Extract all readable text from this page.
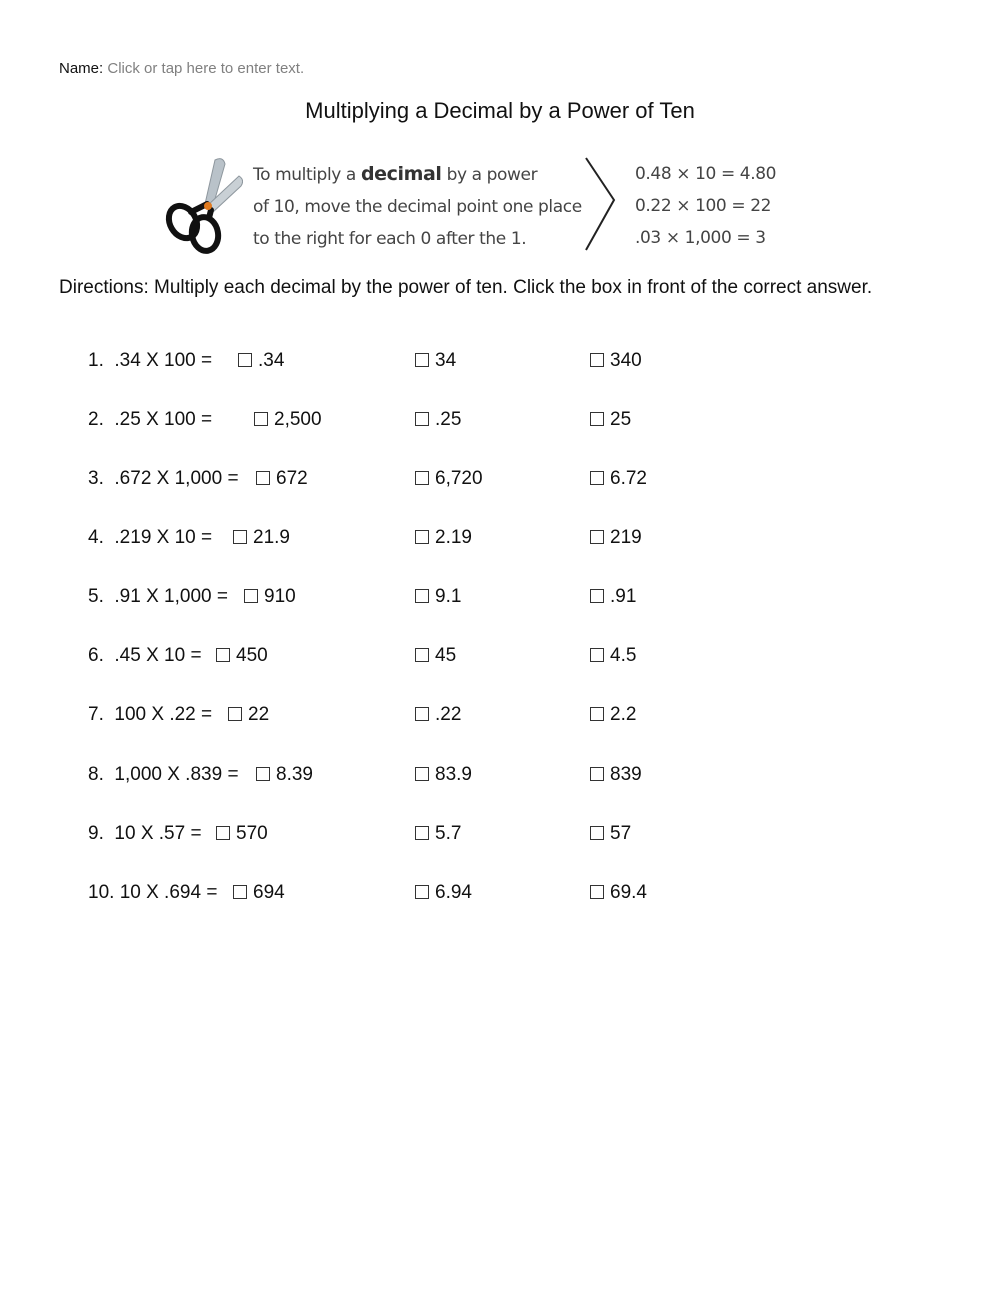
Name: Click or tap here to enter text.
Multiplying a Decimal by a Power of Ten
To multiply a decimal by a power
of 10, move the decimal point one place
to the right for each 0 after the 1.
0.48 × 10 = 4.80
0.22 × 100 = 22
.03 × 1,000 = 3
Directions: Multiply each decimal by the power of ten. Click the box in front of the correct answer.
1.  .34 X 100 =	.34	34	340
2.  .25 X 100 =	2,500	.25	25
3.  .672 X 1,000 =	672	6,720	6.72
4.  .219 X 10 =	21.9	2.19	219
5.  .91 X 1,000 =	910	9.1	.91
6.  .45 X 10 =	450	45	4.5
7.  100 X .22 =	22	.22	2.2
8.  1,000 X .839 =	8.39	83.9	839
9.  10 X .57 =	570	5.7	57
10. 10 X .694 =	694	6.94	69.4
